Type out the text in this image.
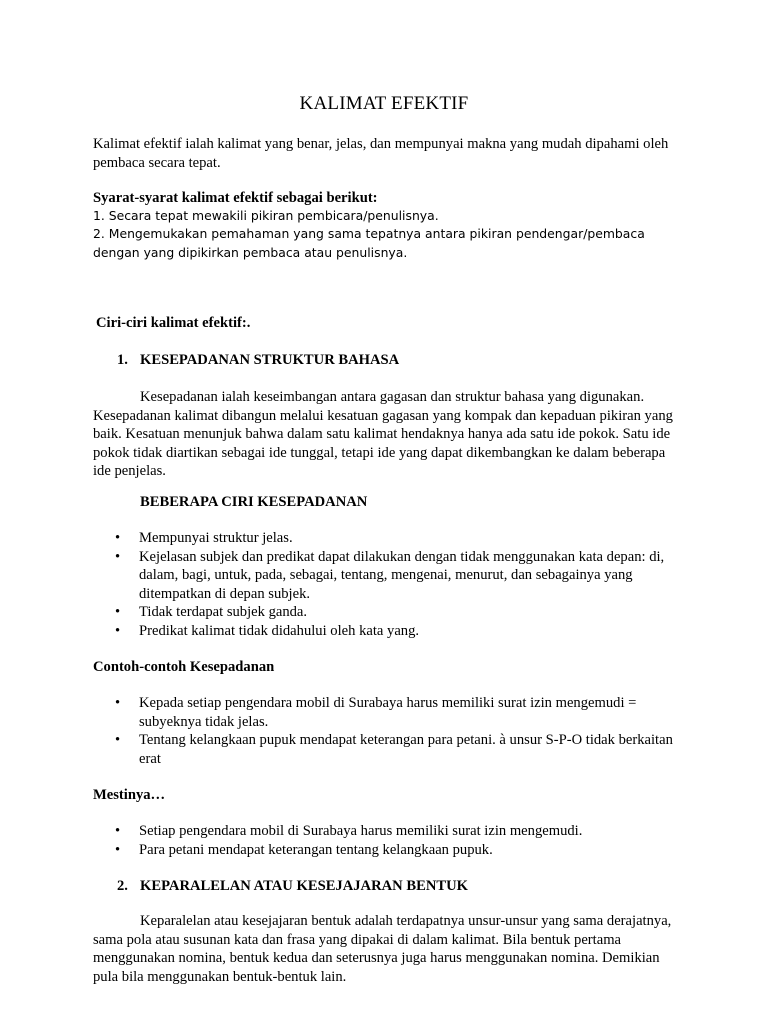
KALIMAT EFEKTIF

Kalimat efektif ialah kalimat yang benar, jelas, dan mempunyai makna yang mudah dipahami oleh pembaca secara tepat.

Syarat-syarat kalimat efektif sebagai berikut:

1. Secara tepat mewakili pikiran pembicara/penulisnya.

2. Mengemukakan pemahaman yang sama tepatnya antara pikiran pendengar/pembaca dengan yang dipikirkan pembaca atau penulisnya.

Ciri-ciri kalimat efektif:.

1. KESEPADANAN STRUKTUR BAHASA

Kesepadanan ialah keseimbangan antara gagasan dan struktur bahasa yang digunakan. Kesepadanan kalimat dibangun melalui kesatuan gagasan yang kompak dan kepaduan pikiran yang baik. Kesatuan menunjuk bahwa dalam satu kalimat hendaknya hanya ada satu ide pokok. Satu ide pokok tidak diartikan sebagai ide tunggal, tetapi ide yang dapat dikembangkan ke dalam beberapa ide penjelas.

BEBERAPA CIRI KESEPADANAN

• Mempunyai struktur jelas.
• Kejelasan subjek dan predikat dapat dilakukan dengan tidak menggunakan kata depan: di, dalam, bagi, untuk, pada, sebagai, tentang, mengenai, menurut, dan sebagainya yang ditempatkan di depan subjek.
• Tidak terdapat subjek ganda.
• Predikat kalimat tidak didahului oleh kata yang.

Contoh-contoh Kesepadanan

• Kepada setiap pengendara mobil di Surabaya harus memiliki surat izin mengemudi = subyeknya tidak jelas.
• Tentang kelangkaan pupuk mendapat keterangan para petani. à unsur S-P-O tidak berkaitan erat

Mestinya…

• Setiap pengendara mobil di Surabaya harus memiliki surat izin mengemudi.
• Para petani mendapat keterangan tentang kelangkaan pupuk.
2. KEPARALELAN ATAU KESEJAJARAN BENTUK

Keparalelan atau kesejajaran bentuk adalah terdapatnya unsur-unsur yang sama derajatnya, sama pola atau susunan kata dan frasa yang dipakai di dalam kalimat. Bila bentuk pertama menggunakan nomina, bentuk kedua dan seterusnya juga harus menggunakan nomina. Demikian pula bila menggunakan bentuk-bentuk lain.
